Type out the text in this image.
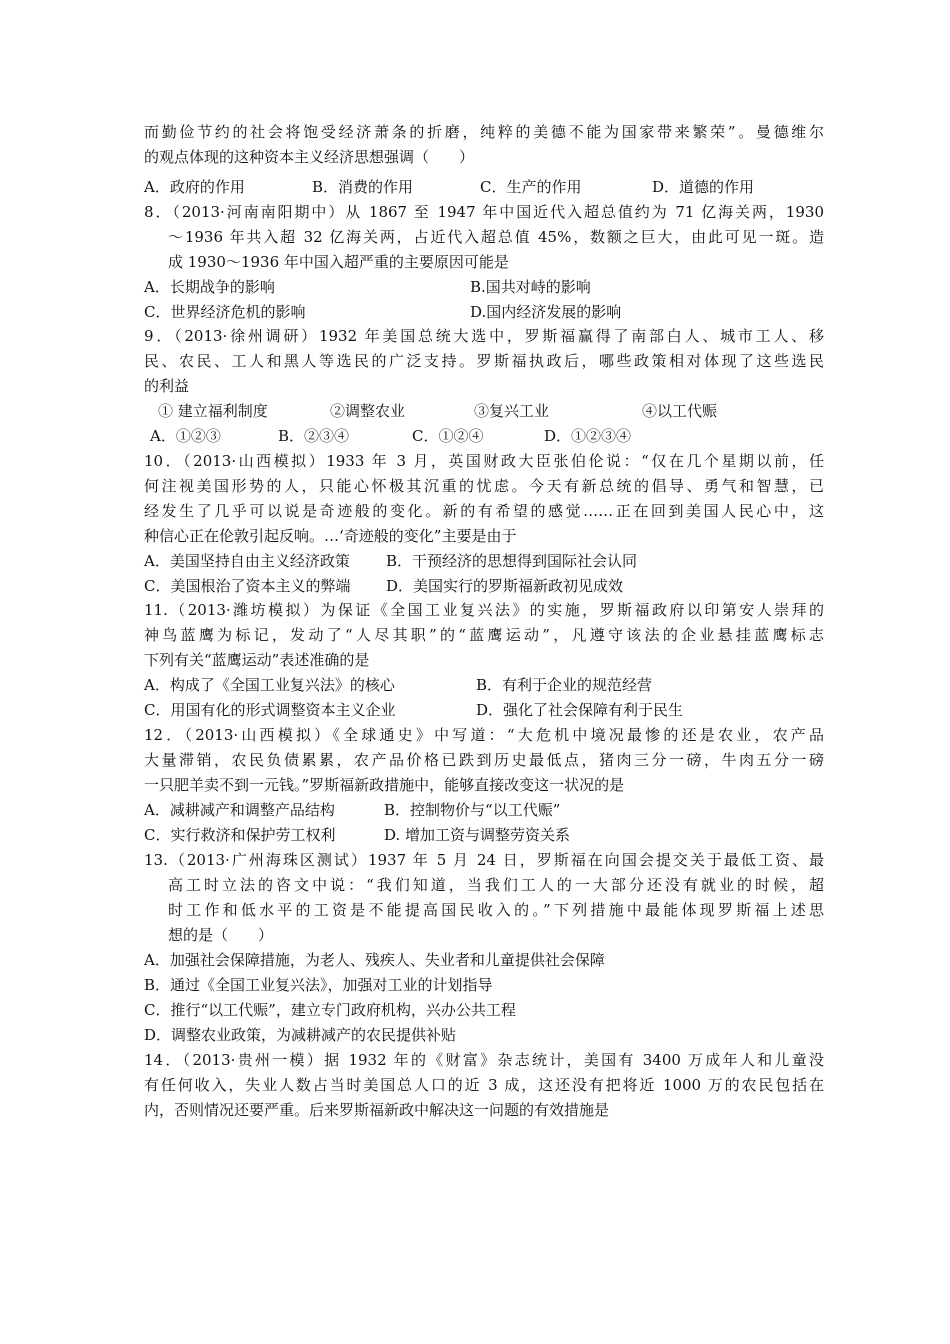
而勤俭节约的社会将饱受经济萧条的折磨，纯粹的美德不能为国家带来繁荣”。曼德维尔
的观点体现的这种资本主义经济思想强调（　　）
A．政府的作用	B．消费的作用	C．生产的作用	D．道德的作用
8．（2013·河南南阳期中）从 1867 至 1947 年中国近代入超总值约为 71 亿海关两，1930
～1936 年共入超 32 亿海关两，占近代入超总值 45%，数额之巨大，由此可见一斑。造
成 1930～1936 年中国入超严重的主要原因可能是
A．长期战争的影响	B.国共对峙的影响
C．世界经济危机的影响	D.国内经济发展的影响
9．（2013·徐州调研）1932 年美国总统大选中，罗斯福赢得了南部白人、城市工人、移
民、农民、工人和黑人等选民的广泛支持。罗斯福执政后，哪些政策相对体现了这些选民
的利益
① 建立福利制度	②调整农业	③复兴工业	④以工代赈
A．①②③	B．②③④	C．①②④	D．①②③④
10．（2013·山西模拟）1933 年 3 月，英国财政大臣张伯伦说：“仅在几个星期以前，任
何注视美国形势的人，只能心怀极其沉重的忧虑。今天有新总统的倡导、勇气和智慧，已
经发生了几乎可以说是奇迹般的变化。新的有希望的感觉……正在回到美国人民心中，这
种信心正在伦敦引起反响。…‘奇迹般的变化”主要是由于
A．美国坚持自由主义经济政策 B．干预经济的思想得到国际社会认同
C．美国根治了资本主义的弊端 D．美国实行的罗斯福新政初见成效
11.（2013·潍坊模拟）为保证《全国工业复兴法》的实施，罗斯福政府以印第安人崇拜的
神鸟蓝鹰为标记，发动了“人尽其职”的“蓝鹰运动”，凡遵守该法的企业悬挂蓝鹰标志
下列有关“蓝鹰运动”表述准确的是
A．构成了《全国工业复兴法》的核心	B．有利于企业的规范经营
C．用国有化的形式调整资本主义企业	D．强化了社会保障有利于民生
12．（2013·山西模拟）《全球通史》中写道：“大危机中境况最惨的还是农业，农产品
大量滞销，农民负债累累，农产品价格已跌到历史最低点，猪肉三分一磅，牛肉五分一磅
一只肥羊卖不到一元钱。”罗斯福新政措施中，能够直接改变这一状况的是
A．减耕减产和调整产品结构	B．控制物价与“以工代赈”
C．实行救济和保护劳工权利	D. 增加工资与调整劳资关系
13.（2013·广州海珠区测试）1937 年 5 月 24 日，罗斯福在向国会提交关于最低工资、最
高工时立法的咨文中说：“我们知道，当我们工人的一大部分还没有就业的时候，超
时工作和低水平的工资是不能提高国民收入的。”下列措施中最能体现罗斯福上述思
想的是（　　）
A．加强社会保障措施，为老人、残疾人、失业者和儿童提供社会保障
B．通过《全国工业复兴法》，加强对工业的计划指导
C．推行“以工代赈”，建立专门政府机构，兴办公共工程
D．调整农业政策，为减耕减产的农民提供补贴
14．（2013·贵州一模）据 1932 年的《财富》杂志统计，美国有 3400 万成年人和儿童没
有任何收入，失业人数占当时美国总人口的近 3 成，这还没有把将近 1000 万的农民包括在
内，否则情况还要严重。后来罗斯福新政中解决这一问题的有效措施是
